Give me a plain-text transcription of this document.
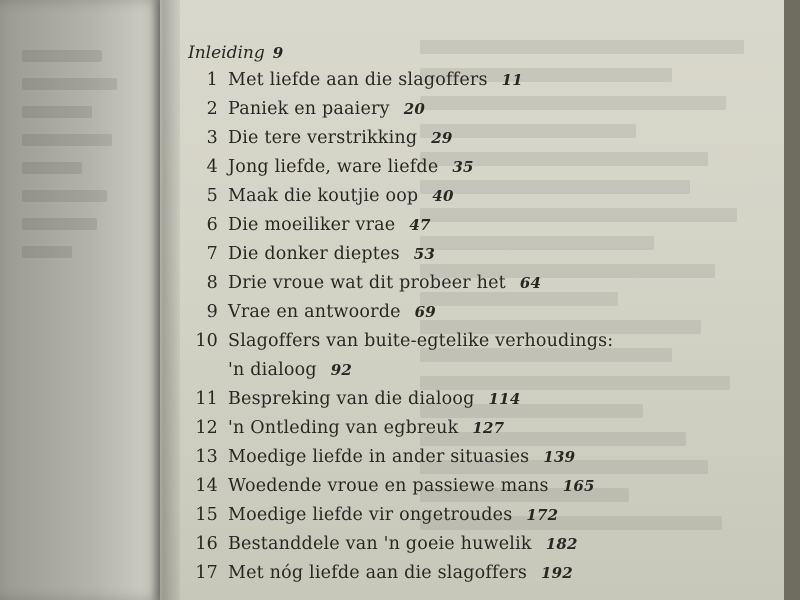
Inleiding 9
1 Met liefde aan die slagoffers 11
2 Paniek en paaiery 20
3 Die tere verstrikking 29
4 Jong liefde, ware liefde 35
5 Maak die koutjie oop 40
6 Die moeiliker vrae 47
7 Die donker dieptes 53
8 Drie vroue wat dit probeer het 64
9 Vrae en antwoorde 69
10 Slagoffers van buite-egtelike verhoudings:
'n dialoog 92
11 Bespreking van die dialoog 114
12 'n Ontleding van egbreuk 127
13 Moedige liefde in ander situasies 139
14 Woedende vroue en passiewe mans 165
15 Moedige liefde vir ongetroudes 172
16 Bestanddele van 'n goeie huwelik 182
17 Met nóg liefde aan die slagoffers 192
